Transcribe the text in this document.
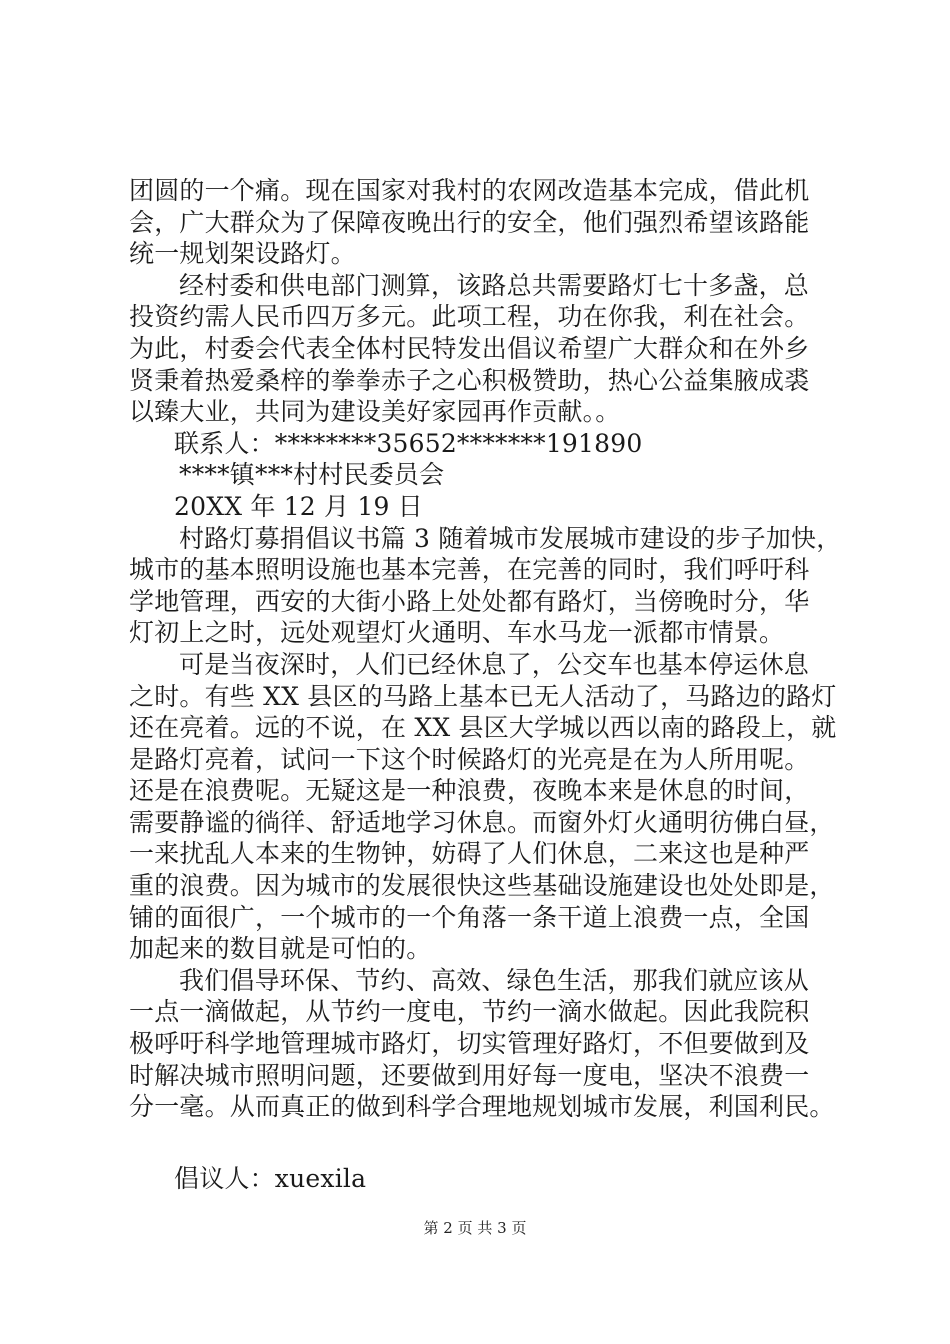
团圆的一个痛。现在国家对我村的农网改造基本完成，借此机
会，广大群众为了保障夜晚出行的安全，他们强烈希望该路能
统一规划架设路灯。
经村委和供电部门测算，该路总共需要路灯七十多盏，总
投资约需人民币四万多元。此项工程，功在你我，利在社会。
为此，村委会代表全体村民特发出倡议希望广大群众和在外乡
贤秉着热爱桑梓的拳拳赤子之心积极赞助，热心公益集腋成裘
以臻大业，共同为建设美好家园再作贡献。。
联系人：********35652*******191890
****镇***村村民委员会
20XX 年 12 月 19 日
村路灯募捐倡议书篇 3 随着城市发展城市建设的步子加快，
城市的基本照明设施也基本完善，在完善的同时，我们呼吁科
学地管理，西安的大街小路上处处都有路灯，当傍晚时分，华
灯初上之时，远处观望灯火通明、车水马龙一派都市情景。
可是当夜深时，人们已经休息了，公交车也基本停运休息
之时。有些 XX 县区的马路上基本已无人活动了，马路边的路灯
还在亮着。远的不说，在 XX 县区大学城以西以南的路段上，就
是路灯亮着，试问一下这个时候路灯的光亮是在为人所用呢。
还是在浪费呢。无疑这是一种浪费，夜晚本来是休息的时间，
需要静谧的徜徉、舒适地学习休息。而窗外灯火通明彷佛白昼，
一来扰乱人本来的生物钟，妨碍了人们休息，二来这也是种严
重的浪费。因为城市的发展很快这些基础设施建设也处处即是，
铺的面很广，一个城市的一个角落一条干道上浪费一点，全国
加起来的数目就是可怕的。
我们倡导环保、节约、高效、绿色生活，那我们就应该从
一点一滴做起，从节约一度电，节约一滴水做起。因此我院积
极呼吁科学地管理城市路灯，切实管理好路灯，不但要做到及
时解决城市照明问题，还要做到用好每一度电，坚决不浪费一
分一毫。从而真正的做到科学合理地规划城市发展，利国利民。
倡议人：xuexila
第 2 页 共 3 页
